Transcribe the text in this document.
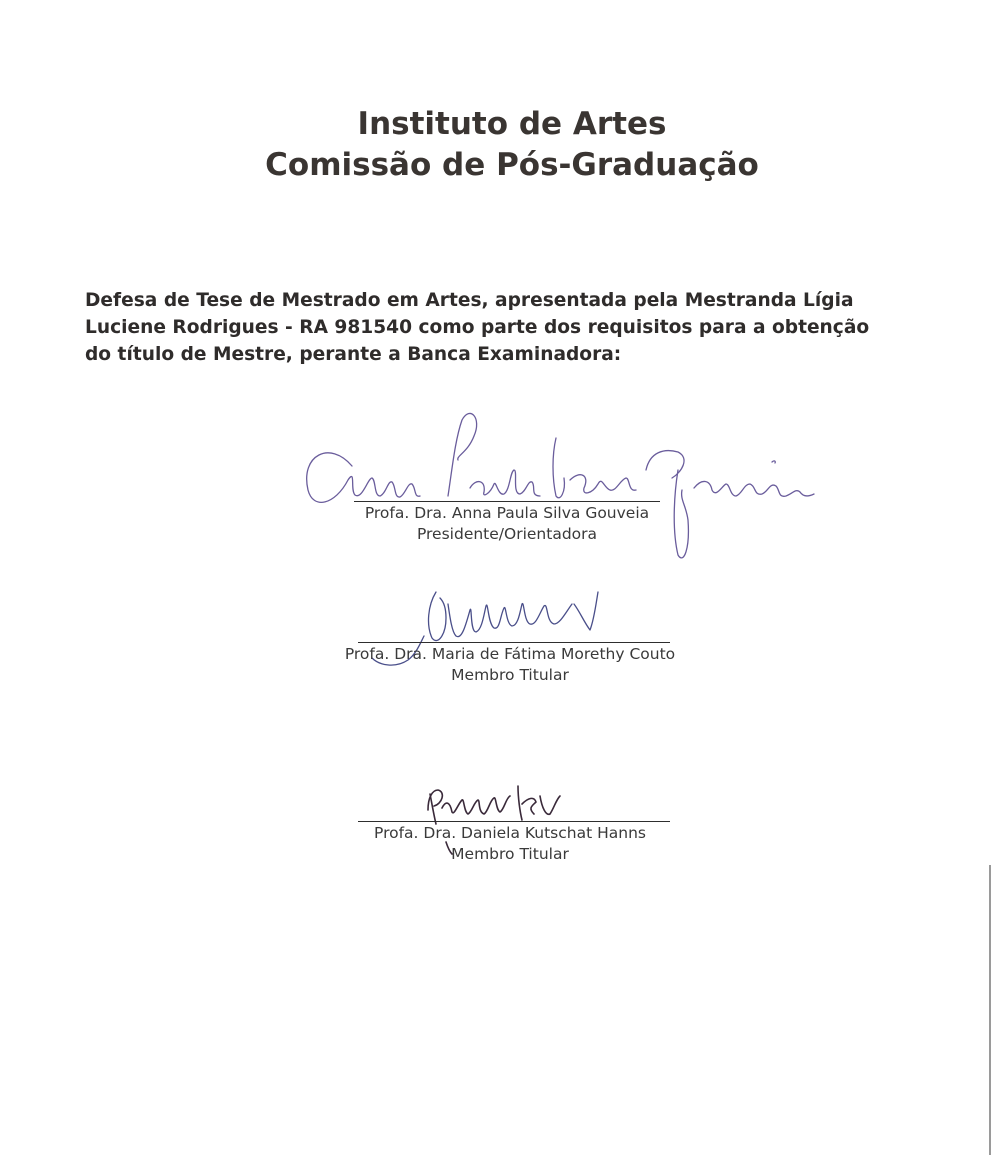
Instituto de Artes
Comissão de Pós-Graduação
Defesa de Tese de Mestrado em Artes, apresentada pela Mestranda Lígia
Luciene Rodrigues - RA 981540 como parte dos requisitos para a obtenção
do título de Mestre, perante a Banca Examinadora:
Profa. Dra. Anna Paula Silva Gouveia
Presidente/Orientadora
Profa. Dra. Maria de Fátima Morethy Couto
Membro Titular
Profa. Dra. Daniela Kutschat Hanns
Membro Titular
